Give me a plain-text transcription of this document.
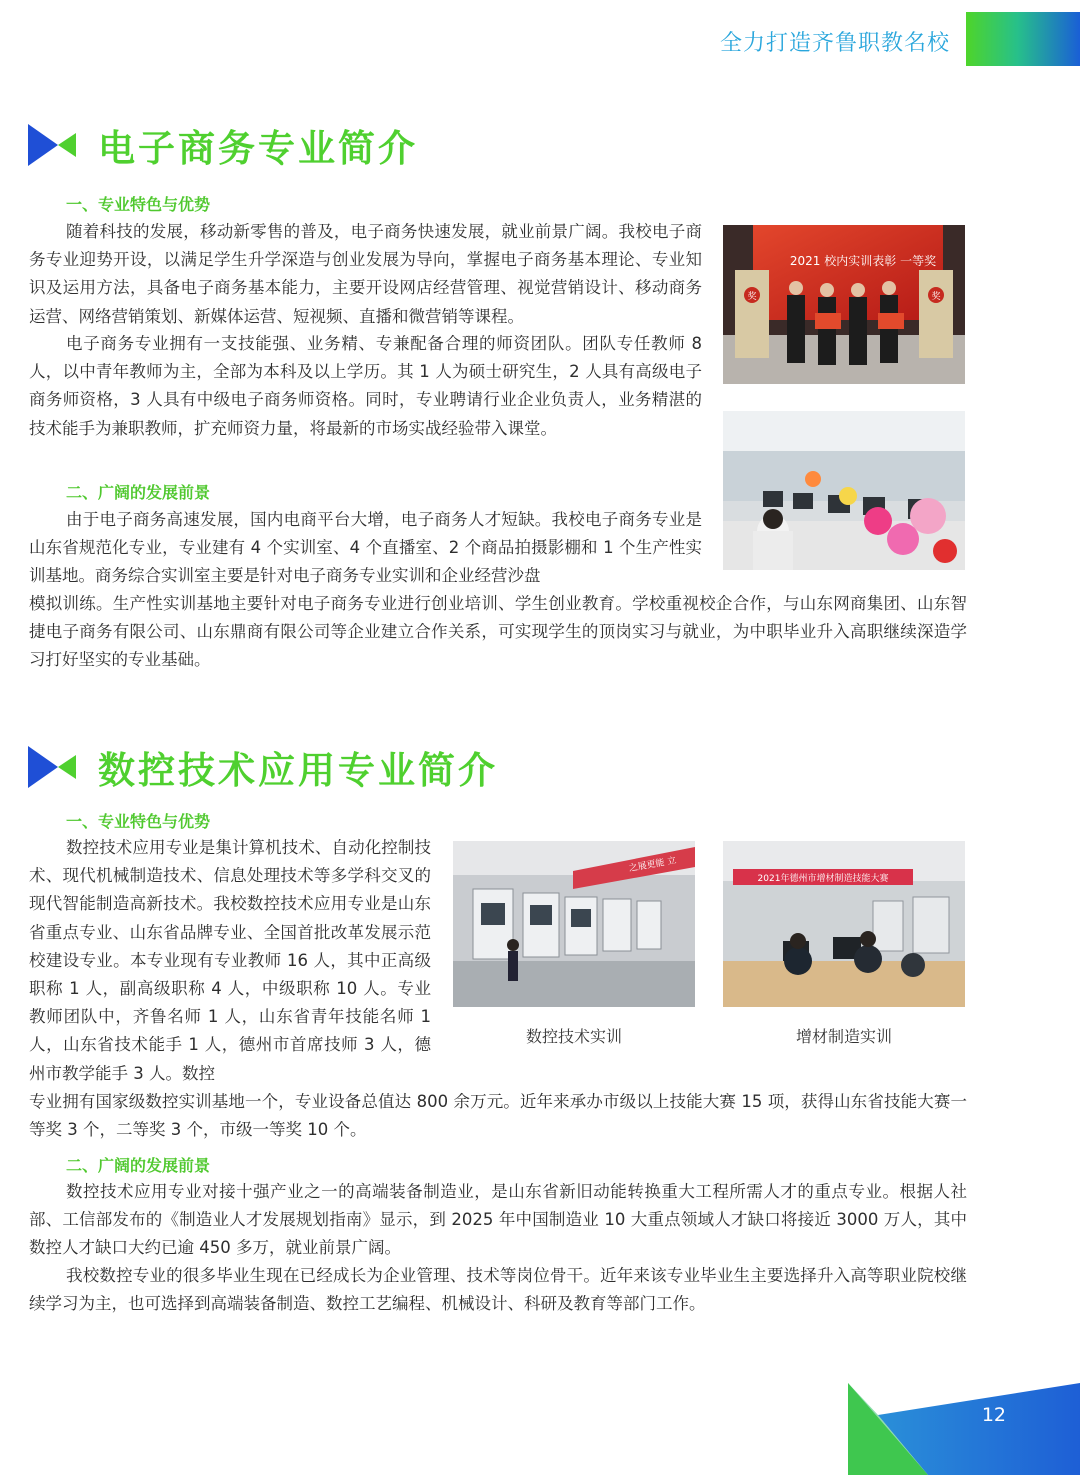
全力打造齐鲁职教名校
电子商务专业简介
一、专业特色与优势

随着科技的发展，移动新零售的普及，电子商务快速发展，就业前景广阔。我校电子商务专业迎势开设，以满足学生升学深造与创业发展为导向，掌握电子商务基本理论、专业知识及运用方法，具备电子商务基本能力，主要开设网店经营管理、视觉营销设计、移动商务运营、网络营销策划、新媒体运营、短视频、直播和微营销等课程。

电子商务专业拥有一支技能强、业务精、专兼配备合理的师资团队。团队专任教师 8 人，以中青年教师为主，全部为本科及以上学历。其 1 人为硕士研究生，2 人具有高级电子商务师资格，3 人具有中级电子商务师资格。同时，专业聘请行业企业负责人，业务精湛的技术能手为兼职教师，扩充师资力量，将最新的市场实战经验带入课堂。

二、广阔的发展前景

由于电子商务高速发展，国内电商平台大增，电子商务人才短缺。我校电子商务专业是山东省规范化专业，专业建有 4 个实训室、4 个直播室、2 个商品拍摄影棚和 1 个生产性实训基地。商务综合实训室主要是针对电子商务专业实训和企业经营沙盘

模拟训练。生产性实训基地主要针对电子商务专业进行创业培训、学生创业教育。学校重视校企合作，与山东网商集团、山东智捷电子商务有限公司、山东鼎商有限公司等企业建立合作关系，可实现学生的顶岗实习与就业，为中职毕业升入高职继续深造学习打好坚实的专业基础。

2021 校内实训表彰 一等奖
奖	奖
数控技术应用专业简介
一、专业特色与优势

数控技术应用专业是集计算机技术、自动化控制技术、现代机械制造技术、信息处理技术等多学科交叉的现代智能制造高新技术。我校数控技术应用专业是山东省重点专业、山东省品牌专业、全国首批改革发展示范校建设专业。本专业现有专业教师 16 人，其中正高级职称 1 人，副高级职称 4 人，中级职称 10 人。专业教师团队中，齐鲁名师 1 人，山东省青年技能名师 1 人，山东省技术能手 1 人，德州市首席技师 3 人，德州市教学能手 3 人。数控

专业拥有国家级数控实训基地一个，专业设备总值达 800 余万元。近年来承办市级以上技能大赛 15 项，获得山东省技能大赛一等奖 3 个，二等奖 3 个，市级一等奖 10 个。

之展更能 立
2021年德州市增材制造技能大赛
数控技术实训	增材制造实训
二、广阔的发展前景

数控技术应用专业对接十强产业之一的高端装备制造业，是山东省新旧动能转换重大工程所需人才的重点专业。根据人社部、工信部发布的《制造业人才发展规划指南》显示，到 2025 年中国制造业 10 大重点领域人才缺口将接近 3000 万人，其中数控人才缺口大约已逾 450 多万，就业前景广阔。

我校数控专业的很多毕业生现在已经成长为企业管理、技术等岗位骨干。近年来该专业毕业生主要选择升入高等职业院校继续学习为主，也可选择到高端装备制造、数控工艺编程、机械设计、科研及教育等部门工作。

12
